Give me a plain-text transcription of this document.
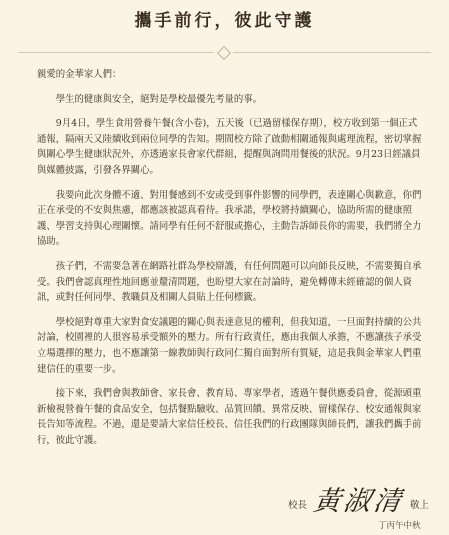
攜手前行，彼此守護

親愛的金華家人們：

學生的健康與安全，絕對是學校最優先考量的事。

9月4日，學生食用營養午餐(含小卷)，五天後（已過留樣保存期），校方收到第一個正式通報，隔兩天又陸續收到兩位同學的告知。期間校方除了啟動相關通報與處理流程，密切掌握與關心學生健康狀況外，亦透過家長會家代群組，提醒與詢問用餐後的狀況。9月23日經議員與媒體披露，引發各界關心。

我要向此次身體不適、對用餐感到不安或受到事件影響的同學們，表達關心與歉意，你們正在承受的不安與焦慮，都應該被認真看待。我承諾，學校將持續關心，協助所需的健康照護、學習支持與心理關懷。請同學有任何不舒服或擔心，主動告訴師長你的需要，我們將全力協助。

孩子們，不需要急著在網路社群為學校辯護，有任何問題可以向師長反映，不需要獨自承受。我們會認真理性地回應並釐清問題，也盼望大家在討論時，避免轉傳未經確認的個人資訊，或對任何同學、教職員及相關人員貼上任何標籤。

學校絕對尊重大家對食安議題的關心與表達意見的權利，但我知道，一旦面對持續的公共討論，校園裡的人很容易承受額外的壓力。所有行政責任，應由我個人承擔，不應讓孩子承受立場選擇的壓力，也不應讓第一線教師與行政同仁獨自面對所有質疑，這是我與金華家人們重建信任的重要一步。

接下來，我們會與教師會、家長會、教育局、專家學者，透過午餐供應委員會，從源頭重新檢視營養午餐的食品安全，包括餐點驗收、品質回饋、異常反映、留樣保存、校安通報與家長告知等流程。不過，還是要請大家信任校長、信任我們的行政團隊與師長們，讓我們攜手前行，彼此守護。

校長 黃淑清 敬上
丁丙午中秋
